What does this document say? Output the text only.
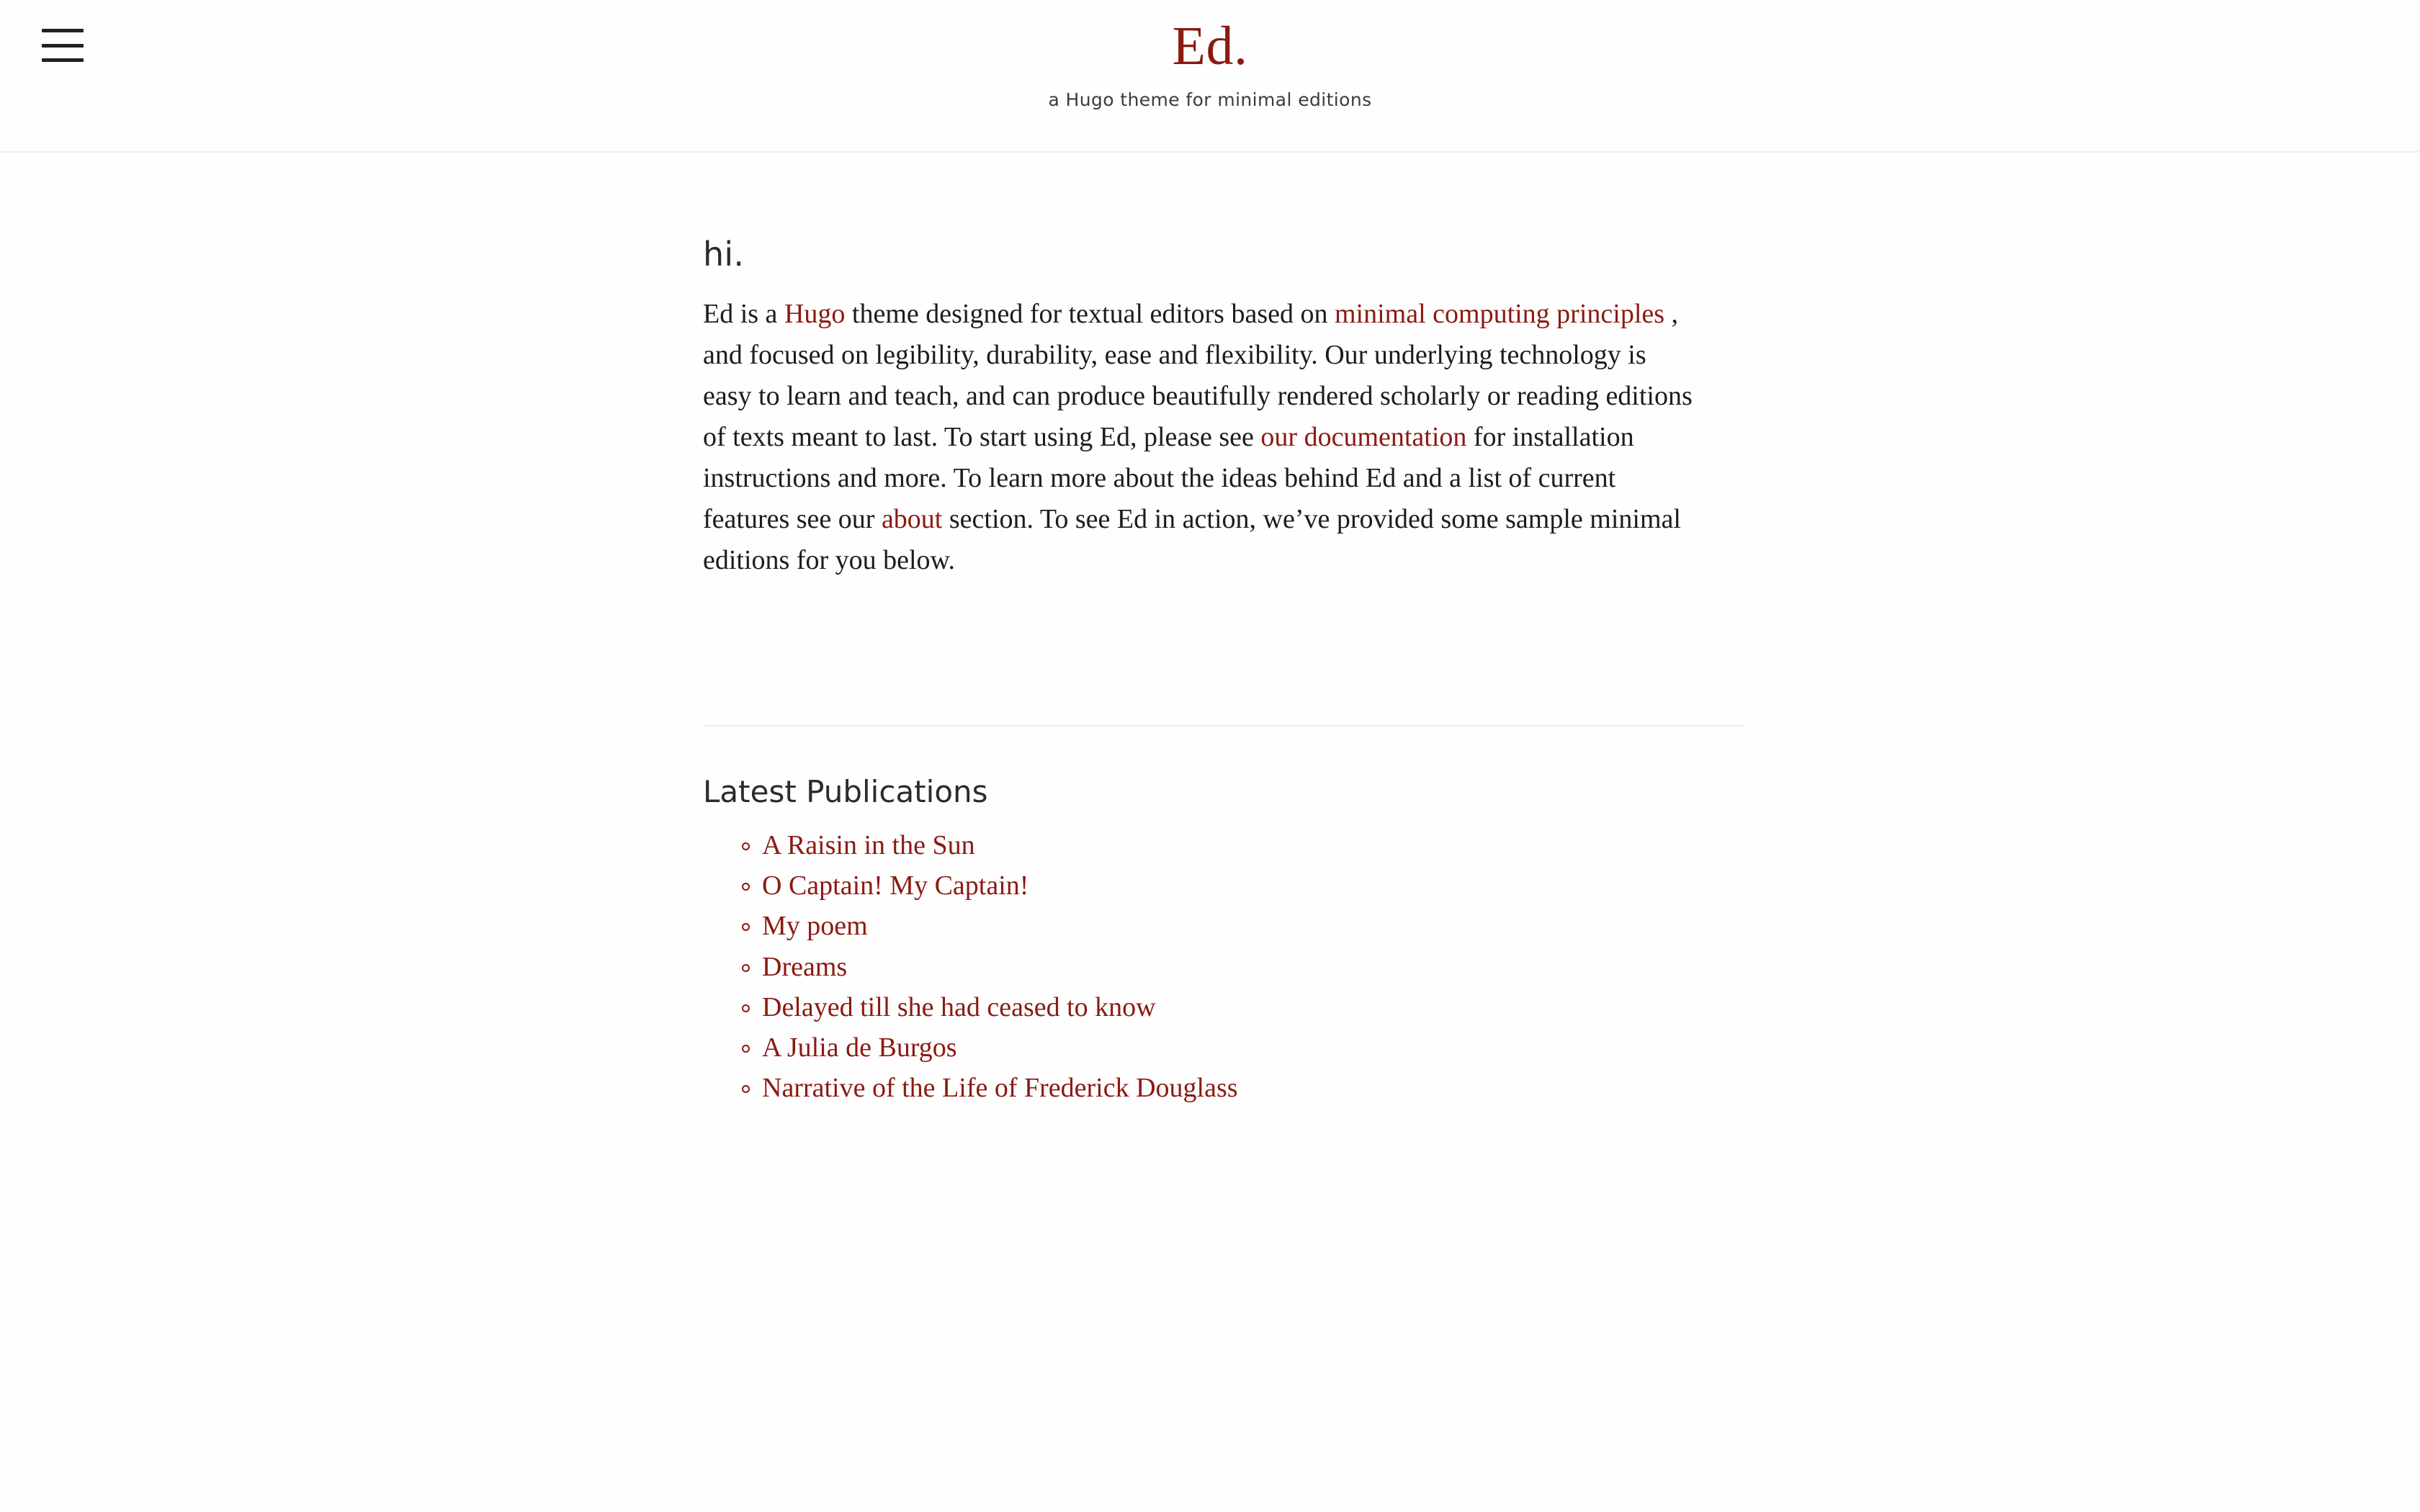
Ed.
a Hugo theme for minimal editions
hi.

Ed is a Hugo theme designed for textual editors based on minimal computing principles , and focused on legibility, durability, ease and flexibility. Our underlying technology is easy to learn and teach, and can produce beautifully rendered scholarly or reading editions of texts meant to last. To start using Ed, please see our documentation for installation instructions and more. To learn more about the ideas behind Ed and a list of current features see our about section. To see Ed in action, we’ve provided some sample minimal editions for you below.

Latest Publications
A Raisin in the Sun
O Captain! My Captain!
My poem
Dreams
Delayed till she had ceased to know
A Julia de Burgos
Narrative of the Life of Frederick Douglass
